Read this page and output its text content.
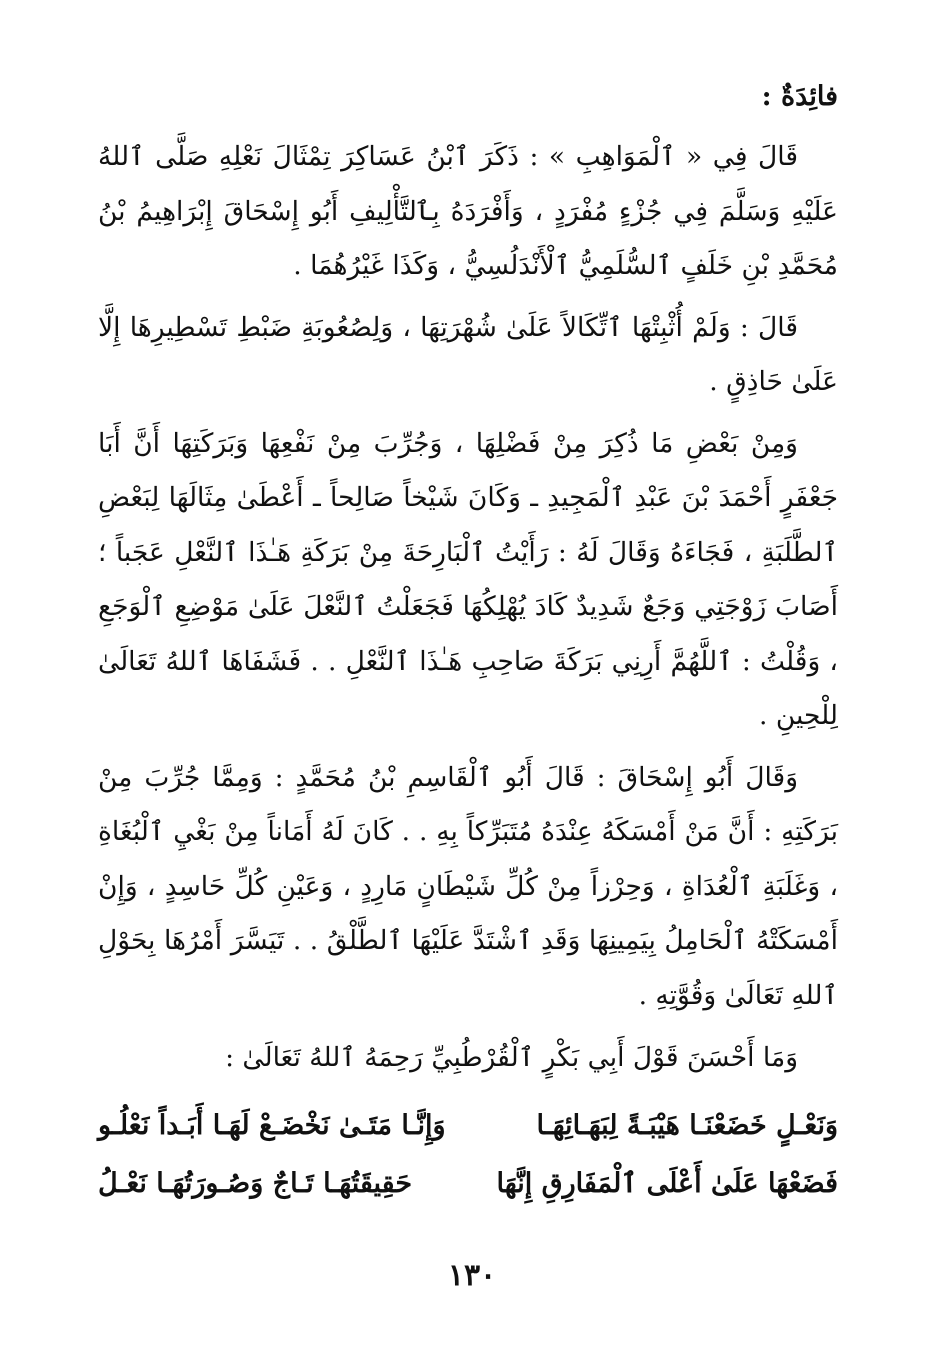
فائِدَةٌ :

قَالَ فِي « ٱلْمَوَاهِبِ » : ذَكَرَ ٱبْنُ عَسَاكِرَ تِمْثَالَ نَعْلِهِ صَلَّى ٱللهُ عَلَيْهِ وَسَلَّمَ فِي جُزْءٍ مُفْرَدٍ ، وَأَفْرَدَهُ بِٱلتَّأْلِيفِ أَبُو إِسْحَاقَ إِبْرَاهِيمُ بْنُ مُحَمَّدِ بْنِ خَلَفٍ ٱلسُّلَمِيُّ ٱلْأَنْدَلُسِيُّ ، وَكَذَا غَيْرُهُمَا .

قَالَ : وَلَمْ أُثْبِتْهَا ٱتِّكَالاً عَلَىٰ شُهْرَتِهَا ، وَلِصُعُوبَةِ ضَبْطِ تَسْطِيرِهَا إِلَّا عَلَىٰ حَاذِقٍ .

وَمِنْ بَعْضِ مَا ذُكِرَ مِنْ فَضْلِهَا ، وَجُرِّبَ مِنْ نَفْعِهَا وَبَرَكَتِهَا أَنَّ أَبَا جَعْفَرٍ أَحْمَدَ بْنَ عَبْدِ ٱلْمَجِيدِ ـ وَكَانَ شَيْخاً صَالِحاً ـ أَعْطَىٰ مِثَالَهَا لِبَعْضِ ٱلطَّلَبَةِ ، فَجَاءَهُ وَقَالَ لَهُ : رَأَيْتُ ٱلْبَارِحَةَ مِنْ بَرَكَةِ هَـٰذَا ٱلنَّعْلِ عَجَباً ؛ أَصَابَ زَوْجَتِي وَجَعٌ شَدِيدٌ كَادَ يُهْلِكُهَا فَجَعَلْتُ ٱلنَّعْلَ عَلَىٰ مَوْضِعِ ٱلْوَجَعِ ، وَقُلْتُ : ٱللَّهُمَّ أَرِنِي بَرَكَةَ صَاحِبِ هَـٰذَا ٱلنَّعْلِ . . فَشَفَاهَا ٱللهُ تَعَالَىٰ لِلْحِينِ .

وَقَالَ أَبُو إِسْحَاقَ : قَالَ أَبُو ٱلْقَاسِمِ بْنُ مُحَمَّدٍ : وَمِمَّا جُرِّبَ مِنْ بَرَكَتِهِ : أَنَّ مَنْ أَمْسَكَهُ عِنْدَهُ مُتَبَرِّكاً بِهِ . . كَانَ لَهُ أَمَاناً مِنْ بَغْيِ ٱلْبُغَاةِ ، وَغَلَبَةِ ٱلْعُدَاةِ ، وَحِرْزاً مِنْ كُلِّ شَيْطَانٍ مَارِدٍ ، وَعَيْنِ كُلِّ حَاسِدٍ ، وَإِنْ أَمْسَكَتْهُ ٱلْحَامِلُ بِيَمِينِهَا وَقَدِ ٱشْتَدَّ عَلَيْهَا ٱلطَّلْقُ . . تَيَسَّرَ أَمْرُهَا بِحَوْلِ ٱللهِ تَعَالَىٰ وَقُوَّتِهِ .

وَمَا أَحْسَنَ قَوْلَ أَبِي بَكْرٍ ٱلْقُرْطُبِيِّ رَحِمَهُ ٱللهُ تَعَالَىٰ :
وَنَعْـلٍ خَضَعْنَـا هَيْبَـةً لِبَهَـائِهَـا
وَإِنَّـا مَتَـىٰ نَخْضَـعْ لَهَـا أَبَـداً نَعْلُـو
فَضَعْهَا عَلَىٰ أَعْلَى ٱلْمَفَارِقِ إِنَّهَا
حَقِيقَتُهَـا تَـاجٌ وَصُـورَتُهَـا نَعْـلُ
١٣٠
